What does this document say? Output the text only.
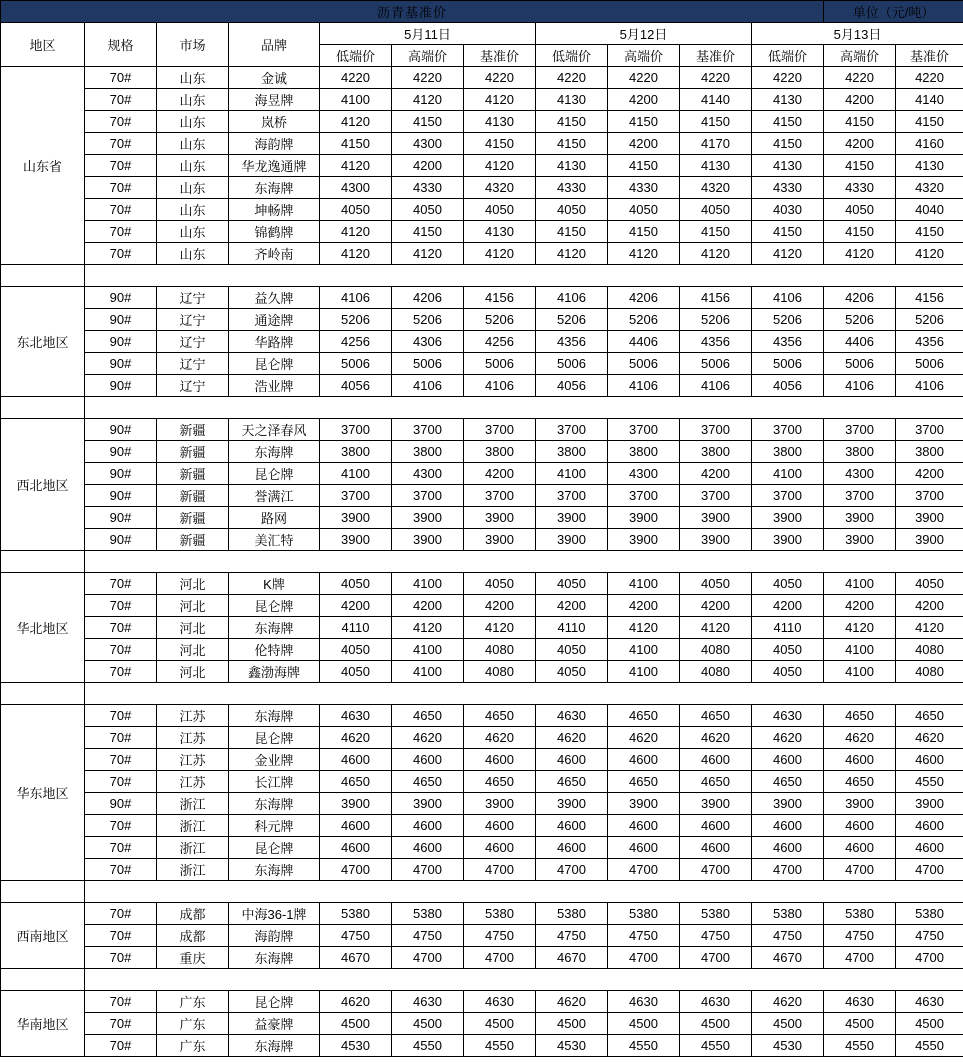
沥青基准价											单位（元/吨）	
地区	规格	市场	品牌	5月11日			5月12日			5月13日		
				低端价	高端价	基准价	低端价	高端价	基准价	低端价	高端价	基准价
山东省	70#	山东	金诚	4220	4220	4220	4220	4220	4220	4220	4220	4220
	70#	山东	海昱牌	4100	4120	4120	4130	4200	4140	4130	4200	4140
	70#	山东	岚桥	4120	4150	4130	4150	4150	4150	4150	4150	4150
	70#	山东	海韵牌	4150	4300	4150	4150	4200	4170	4150	4200	4160
	70#	山东	华龙逸通牌	4120	4200	4120	4130	4150	4130	4130	4150	4130
	70#	山东	东海牌	4300	4330	4320	4330	4330	4320	4330	4330	4320
	70#	山东	坤畅牌	4050	4050	4050	4050	4050	4050	4030	4050	4040
	70#	山东	锦鹤牌	4120	4150	4130	4150	4150	4150	4150	4150	4150
	70#	山东	齐岭南	4120	4120	4120	4120	4120	4120	4120	4120	4120

东北地区	90#	辽宁	益久牌	4106	4206	4156	4106	4206	4156	4106	4206	4156
	90#	辽宁	通途牌	5206	5206	5206	5206	5206	5206	5206	5206	5206
	90#	辽宁	华路牌	4256	4306	4256	4356	4406	4356	4356	4406	4356
	90#	辽宁	昆仑牌	5006	5006	5006	5006	5006	5006	5006	5006	5006
	90#	辽宁	浩业牌	4056	4106	4106	4056	4106	4106	4056	4106	4106

西北地区	90#	新疆	天之泽春风	3700	3700	3700	3700	3700	3700	3700	3700	3700
	90#	新疆	东海牌	3800	3800	3800	3800	3800	3800	3800	3800	3800
	90#	新疆	昆仑牌	4100	4300	4200	4100	4300	4200	4100	4300	4200
	90#	新疆	誉满江	3700	3700	3700	3700	3700	3700	3700	3700	3700
	90#	新疆	路网	3900	3900	3900	3900	3900	3900	3900	3900	3900
	90#	新疆	美汇特	3900	3900	3900	3900	3900	3900	3900	3900	3900

华北地区	70#	河北	K牌	4050	4100	4050	4050	4100	4050	4050	4100	4050
	70#	河北	昆仑牌	4200	4200	4200	4200	4200	4200	4200	4200	4200
	70#	河北	东海牌	4110	4120	4120	4110	4120	4120	4110	4120	4120
	70#	河北	伦特牌	4050	4100	4080	4050	4100	4080	4050	4100	4080
	70#	河北	鑫渤海牌	4050	4100	4080	4050	4100	4080	4050	4100	4080

华东地区	70#	江苏	东海牌	4630	4650	4650	4630	4650	4650	4630	4650	4650
	70#	江苏	昆仑牌	4620	4620	4620	4620	4620	4620	4620	4620	4620
	70#	江苏	金业牌	4600	4600	4600	4600	4600	4600	4600	4600	4600
	70#	江苏	长江牌	4650	4650	4650	4650	4650	4650	4650	4650	4550
	90#	浙江	东海牌	3900	3900	3900	3900	3900	3900	3900	3900	3900
	70#	浙江	科元牌	4600	4600	4600	4600	4600	4600	4600	4600	4600
	70#	浙江	昆仑牌	4600	4600	4600	4600	4600	4600	4600	4600	4600
	70#	浙江	东海牌	4700	4700	4700	4700	4700	4700	4700	4700	4700

西南地区	70#	成都	中海36-1牌	5380	5380	5380	5380	5380	5380	5380	5380	5380
	70#	成都	海韵牌	4750	4750	4750	4750	4750	4750	4750	4750	4750
	70#	重庆	东海牌	4670	4700	4700	4670	4700	4700	4670	4700	4700

华南地区	70#	广东	昆仑牌	4620	4630	4630	4620	4630	4630	4620	4630	4630
	70#	广东	益豪牌	4500	4500	4500	4500	4500	4500	4500	4500	4500
	70#	广东	东海牌	4530	4550	4550	4530	4550	4550	4530	4550	4550
